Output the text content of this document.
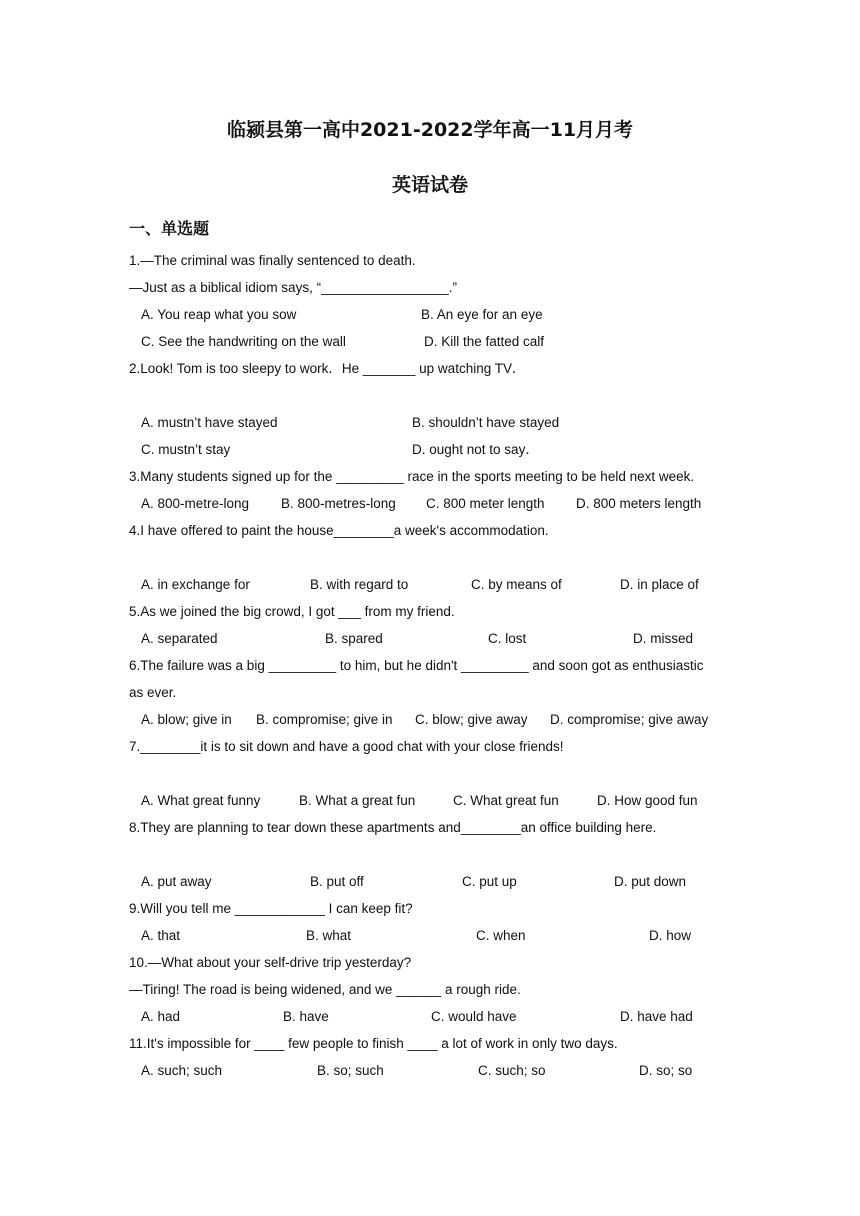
临颍县第一高中2021-2022学年高一11月月考
英语试卷
一、单选题
1.—The criminal was finally sentenced to death.
—Just as a biblical idiom says, “_________________.”
A. You reap what you sow	B. An eye for an eye
C. See the handwriting on the wall	D. Kill the fatted calf
2.Look! Tom is too sleepy to work．He _______ up watching TV．
A. mustn’t have stayed	B. shouldn’t have stayed
C. mustn’t stay	D. ought not to say．
3.Many students signed up for the _________ race in the sports meeting to be held next week.
A. 800-metre-long B. 800-metres-long C. 800 meter length D. 800 meters length
4.I have offered to paint the house________a week's accommodation.
A. in exchange for	B. with regard to	C. by means of	D. in place of
5.As we joined the big crowd, I got ___ from my friend.
A. separated	B. spared	C. lost	D. missed
6.The failure was a big _________ to him, but he didn't _________ and soon got as enthusiastic
as ever.
A. blow; give in B. compromise; give in C. blow; give away D. compromise; give away
7.________it is to sit down and have a good chat with your close friends!
A. What great funny	B. What a great fun	C. What great fun	D. How good fun
8.They are planning to tear down these apartments and________an office building here.
A. put away	B. put off	C. put up	D. put down
9.Will you tell me ____________ I can keep fit?
A. that	B. what	C. when	D. how
10.—What about your self-drive trip yesterday?
—Tiring! The road is being widened, and we ______ a rough ride.
A. had	B. have	C. would have	D. have had
11.It's impossible for ____ few people to finish ____ a lot of work in only two days.
A. such; such	B. so; such	C. such; so	D. so; so
